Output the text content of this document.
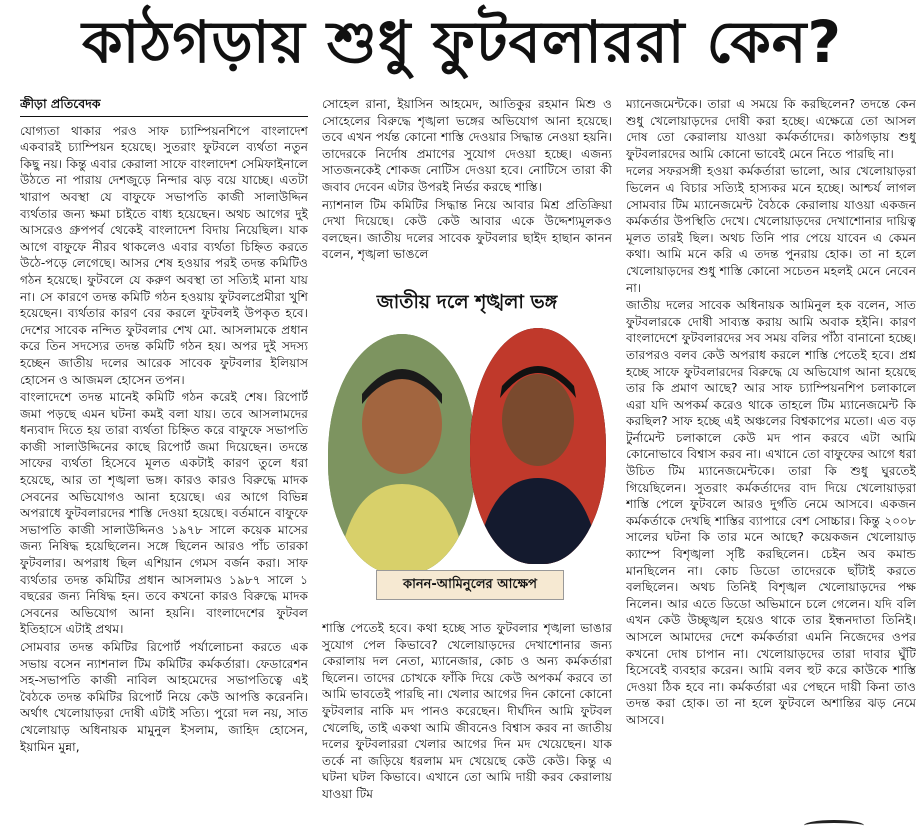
কাঠগড়ায় শুধু ফুটবলাররা কেন?
ক্রীড়া প্রতিবেদক

যোগ্যতা থাকার পরও সাফ চ্যাম্পিয়নশিপে বাংলাদেশ একবারই চ্যাম্পিয়ন হয়েছে। সুতরাং ফুটবলে ব্যর্থতা নতুন কিছু নয়। কিন্তু এবার কেরালা সাফে বাংলাদেশ সেমিফাইনালে উঠতে না পারায় দেশজুড়ে নিন্দার ঝড় বয়ে যাচ্ছে। এতটা খারাপ অবস্থা যে বাফুফে সভাপতি কাজী সালাউদ্দিন ব্যর্থতার জন্য ক্ষমা চাইতে বাধ্য হয়েছেন। অথচ আগের দুই আসরেও গ্রুপপর্ব থেকেই বাংলাদেশ বিদায় নিয়েছিল। যাক আগে বাফুফে নীরব থাকলেও এবার ব্যর্থতা চিহ্নিত করতে উঠে-পড়ে লেগেছে। আসর শেষ হওয়ার পরই তদন্ত কমিটিও গঠন হয়েছে। ফুটবলে যে করুণ অবস্থা তা সত্যিই মানা যায় না। সে কারণে তদন্ত কমিটি গঠন হওয়ায় ফুটবলপ্রেমীরা খুশি হয়েছেন। ব্যর্থতার কারণ বের করলে ফুটবলই উপকৃত হবে। দেশের সাবেক নন্দিত ফুটবলার শেখ মো. আসলামকে প্রধান করে তিন সদস্যের তদন্ত কমিটি গঠন হয়। অপর দুই সদস্য হচ্ছেন জাতীয় দলের আরেক সাবেক ফুটবলার ইলিয়াস হোসেন ও আজমল হোসেন তপন।

বাংলাদেশে তদন্ত মানেই কমিটি গঠন করেই শেষ। রিপোর্ট জমা পড়ছে এমন ঘটনা কমই বলা যায়। তবে আসলামদের ধন্যবাদ দিতে হয় তারা ব্যর্থতা চিহ্নিত করে বাফুফে সভাপতি কাজী সালাউদ্দিনের কাছে রিপোর্ট জমা দিয়েছেন। তদন্তে সাফের ব্যর্থতা হিসেবে মূলত একটাই কারণ তুলে ধরা হয়েছে, আর তা শৃঙ্খলা ভঙ্গ। কারও কারও বিরুদ্ধে মাদক সেবনের অভিযোগও আনা হয়েছে। এর আগে বিভিন্ন অপরাধে ফুটবলারদের শাস্তি দেওয়া হয়েছে। বর্তমানে বাফুফে সভাপতি কাজী সালাউদ্দিনও ১৯৭৮ সালে কয়েক মাসের জন্য নিষিদ্ধ হয়েছিলেন। সঙ্গে ছিলেন আরও পাঁচ তারকা ফুটবলার। অপরাধ ছিল এশিয়ান গেমস বর্জন করা। সাফ ব্যর্থতার তদন্ত কমিটির প্রধান আসলামও ১৯৮৭ সালে ১ বছরের জন্য নিষিদ্ধ হন। তবে কখনো কারও বিরুদ্ধে মাদক সেবনের অভিযোগ আনা হয়নি। বাংলাদেশের ফুটবল ইতিহাসে এটাই প্রথম।

সোমবার তদন্ত কমিটির রিপোর্ট পর্যালোচনা করতে এক সভায় বসেন ন্যাশনাল টিম কমিটির কর্মকর্তারা। ফেডারেশন সহ-সভাপতি কাজী নাবিল আহমেদের সভাপতিত্বে এই বৈঠকে তদন্ত কমিটির রিপোর্ট নিয়ে কেউ আপত্তি করেননি। অর্থাৎ খেলোয়াড়রা দোষী এটাই সত্যি। পুরো দল নয়, সাত খেলোয়াড় অধিনায়ক মামুনুল ইসলাম, জাহিদ হোসেন, ইয়ামিন মুন্না,

সোহেল রানা, ইয়াসিন আহমেদ, আতিকুর রহমান মিশু ও সোহেলের বিরুদ্ধে শৃঙ্খলা ভঙ্গের অভিযোগ আনা হয়েছে। তবে এখন পর্যন্ত কোনো শাস্তি দেওয়ার সিদ্ধান্ত নেওয়া হয়নি। তাদেরকে নির্দোষ প্রমাণের সুযোগ দেওয়া হচ্ছে। এজন্য সাতজনকেই শোকজ নোটিস দেওয়া হবে। নোটিসে তারা কী জবাব দেবেন এটার উপরই নির্ভর করছে শাস্তি।

ন্যাশনাল টিম কমিটির সিদ্ধান্ত নিয়ে আবার মিশ্র প্রতিক্রিয়া দেখা দিয়েছে। কেউ কেউ আবার একে উদ্দেশ্যমূলকও বলছেন। জাতীয় দলের সাবেক ফুটবলার ছাইদ হাছান কানন বলেন, শৃঙ্খলা ভাঙলে

শাস্তি পেতেই হবে। কথা হচ্ছে সাত ফুটবলার শৃঙ্খলা ভাঙার সুযোগ পেল কিভাবে? খেলোয়াড়দের দেখাশোনার জন্য কেরালায় দল নেতা, ম্যানেজার, কোচ ও অন্য কর্মকর্তারা ছিলেন। তাদের চোখকে ফাঁকি দিয়ে কেউ অপকর্ম করবে তা আমি ভাবতেই পারছি না। খেলার আগের দিন কোনো কোনো ফুটবলার নাকি মদ পানও করেছেন। দীর্ঘদিন আমি ফুটবল খেলেছি, তাই একথা আমি জীবনেও বিশ্বাস করব না জাতীয় দলের ফুটবলাররা খেলার আগের দিন মদ খেয়েছেন। যাক তর্কে না জড়িয়ে ধরলাম মদ খেয়েছে কেউ কেউ। কিন্তু এ ঘটনা ঘটল কিভাবে। এখানে তো আমি দায়ী করব কেরালায় যাওয়া টিম

জাতীয় দলে শৃঙ্খলা ভঙ্গ
কানন-আমিনুলের আক্ষেপ

ম্যানেজমেন্টকে। তারা এ সময়ে কি করছিলেন? তদন্তে কেন শুধু খেলোয়াড়দের দোষী করা হচ্ছে। এক্ষেত্রে তো আসল দোষ তো কেরালায় যাওয়া কর্মকর্তাদের। কাঠগড়ায় শুধু ফুটবলারদের আমি কোনো ভাবেই মেনে নিতে পারছি না।

দলের সফরসঙ্গী হওয়া কর্মকর্তারা ভালো, আর খেলোয়াড়রা ভিলেন এ বিচার সত্যিই হাস্যকর মনে হচ্ছে। আশ্চর্য লাগল সোমবার টিম ম্যানেজমেন্ট বৈঠকে কেরালায় যাওয়া একজন কর্মকর্তার উপস্থিতি দেখে। খেলোয়াড়দের দেখাশোনার দায়িত্ব মূলত তারই ছিল। অথচ তিনি পার পেয়ে যাবেন এ কেমন কথা। আমি মনে করি এ তদন্ত পুনরায় হোক। তা না হলে খেলোয়াড়দের শুধু শাস্তি কোনো সচেতন মহলই মেনে নেবেন না।

জাতীয় দলের সাবেক অধিনায়ক আমিনুল হক বলেন, সাত ফুটবলারকে দোষী সাব্যস্ত করায় আমি অবাক হইনি। কারণ বাংলাদেশে ফুটবলারদের সব সময় বলির পাঁঠা বানানো হচ্ছে। তারপরও বলব কেউ অপরাধ করলে শাস্তি পেতেই হবে। প্রশ্ন হচ্ছে সাফে ফুটবলারদের বিরুদ্ধে যে অভিযোগ আনা হয়েছে তার কি প্রমাণ আছে? আর সাফ চ্যাম্পিয়নশিপ চলাকালে এরা যদি অপকর্ম করেও থাকে তাহলে টিম ম্যানেজমেন্ট কি করছিল? সাফ হচ্ছে এই অঞ্চলের বিশ্বকাপের মতো। এত বড় টুর্নামেন্ট চলাকালে কেউ মদ পান করবে এটা আমি কোনোভাবে বিশ্বাস করব না। এখানে তো বাফুফের আগে ধরা উচিত টিম ম্যানেজমেন্টকে। তারা কি শুধু ঘুরতেই গিয়েছিলেন। সুতরাং কর্মকর্তাদের বাদ দিয়ে খেলোয়াড়রা শাস্তি পেলে ফুটবলে আরও দুর্গতি নেমে আসবে। একজন কর্মকর্তাকে দেখছি শাস্তির ব্যাপারে বেশ সোচ্চার। কিন্তু ২০০৮ সালের ঘটনা কি তার মনে আছে? কয়েকজন খেলোয়াড় ক্যাম্পে বিশৃঙ্খলা সৃষ্টি করছিলেন। চেইন অব কমান্ড মানছিলেন না। কোচ ডিডো তাদেরকে ছাঁটাই করতে বলছিলেন। অথচ তিনিই বিশৃঙ্খল খেলোয়াড়দের পক্ষ নিলেন। আর এতে ডিডো অভিমানে চলে গেলেন। যদি বলি এখন কেউ উচ্ছৃঙ্খল হয়েও থাকে তার ইন্ধনদাতা তিনিই। আসলে আমাদের দেশে কর্মকর্তারা এমনি নিজেদের ওপর কখনো দোষ চাপান না। খেলোয়াড়দের তারা দাবার ঘুঁটি হিসেবেই ব্যবহার করেন। আমি বলব হুট করে কাউকে শাস্তি দেওয়া ঠিক হবে না। কর্মকর্তারা এর পেছনে দায়ী কিনা তাও তদন্ত করা হোক। তা না হলে ফুটবলে অশান্তির ঝড় নেমে আসবে।
